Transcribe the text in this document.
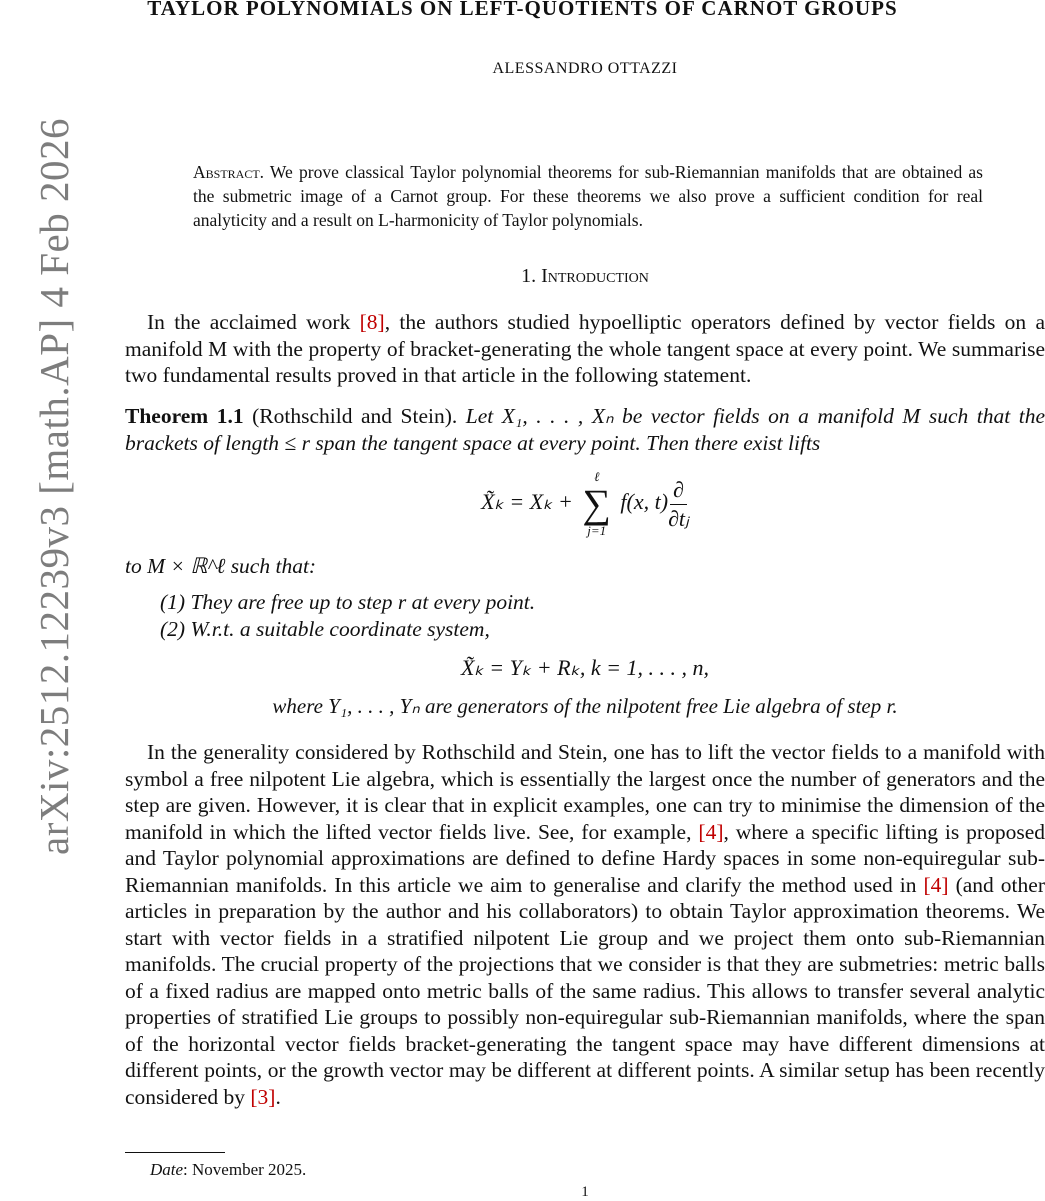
arXiv:2512.12239v3 [math.AP] 4 Feb 2026
TAYLOR POLYNOMIALS ON LEFT-QUOTIENTS OF CARNOT GROUPS
ALESSANDRO OTTAZZI
Abstract. We prove classical Taylor polynomial theorems for sub-Riemannian manifolds that are obtained as the submetric image of a Carnot group. For these theorems we also prove a sufficient condition for real analyticity and a result on L-harmonicity of Taylor polynomials.
1. Introduction
In the acclaimed work [8], the authors studied hypoelliptic operators defined by vector fields on a manifold M with the property of bracket-generating the whole tangent space at every point. We summarise two fundamental results proved in that article in the following statement.
Theorem 1.1 (Rothschild and Stein). Let X₁, . . . , Xₙ be vector fields on a manifold M such that the brackets of length ≤ r span the tangent space at every point. Then there exist lifts
X̃ₖ = Xₖ +
ℓ
∑
j=1
f(x, $t) \frac{\partial}{\text{∂tⱼ}}$
to M × ℝ^ℓ such that:
(1) They are free up to step r at every point.
(2) W.r.t. a suitable coordinate system,
X̃ₖ = Yₖ + Rₖ, k = 1, . . . , n,
where Y₁, . . . , Yₙ are generators of the nilpotent free Lie algebra of step r.
In the generality considered by Rothschild and Stein, one has to lift the vector fields to a manifold with symbol a free nilpotent Lie algebra, which is essentially the largest once the number of generators and the step are given. However, it is clear that in explicit examples, one can try to minimise the dimension of the manifold in which the lifted vector fields live. See, for example, [4], where a specific lifting is proposed and Taylor polynomial approximations are defined to define Hardy spaces in some non-equiregular sub-Riemannian manifolds. In this article we aim to generalise and clarify the method used in [4] (and other articles in preparation by the author and his collaborators) to obtain Taylor approximation theorems. We start with vector fields in a stratified nilpotent Lie group and we project them onto sub-Riemannian manifolds. The crucial property of the projections that we consider is that they are submetries: metric balls of a fixed radius are mapped onto metric balls of the same radius. This allows to transfer several analytic properties of stratified Lie groups to possibly non-equiregular sub-Riemannian manifolds, where the span of the horizontal vector fields bracket-generating the tangent space may have different dimensions at different points, or the growth vector may be different at different points. A similar setup has been recently considered by [3].
Date: November 2025.
1
